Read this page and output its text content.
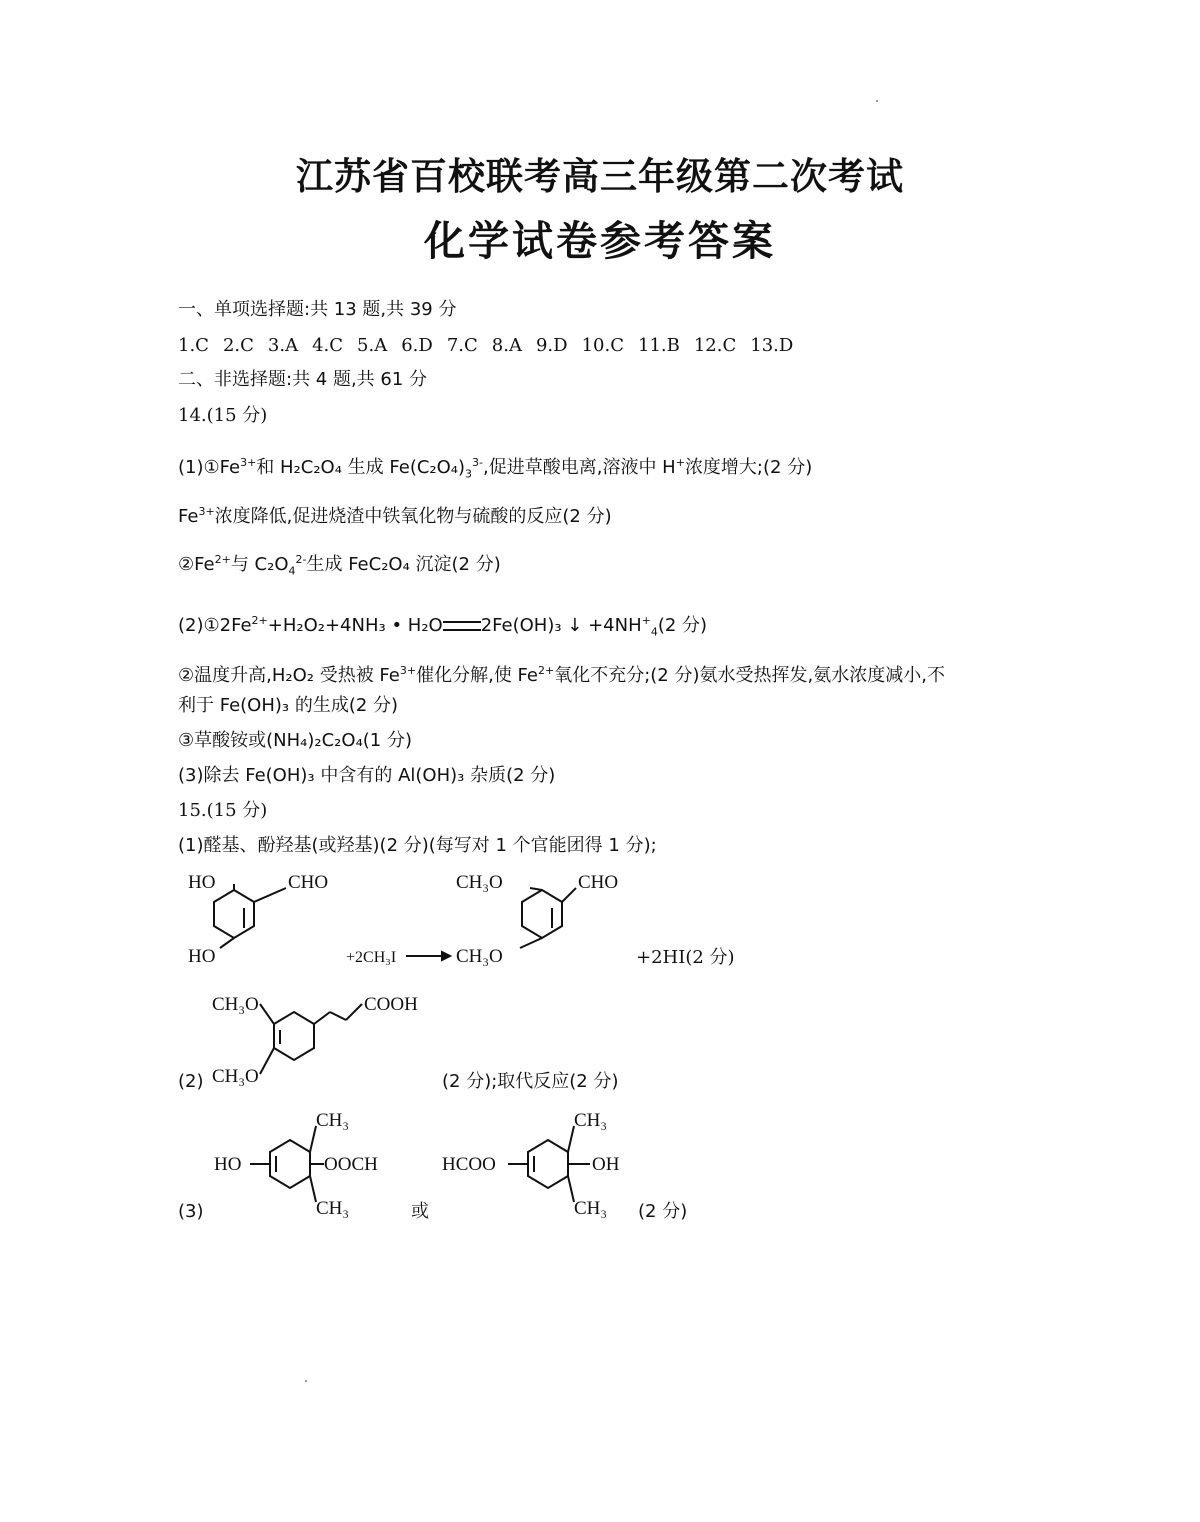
江苏省百校联考高三年级第二次考试
化学试卷参考答案
一、单项选择题:共 13 题,共 39 分
1.C 2.C 3.A 4.C 5.A 6.D 7.C 8.A 9.D 10.C 11.B 12.C 13.D
二、非选择题:共 4 题,共 61 分
14.(15 分)
$(1)①Fe^{3+}$和 H₂C₂O₄ 生成 $Fe(C_2O_4)_3^{3-}$,促进草酸电离,溶液中 H+浓度增大;(2 分)
$Fe^{3+}$浓度降低,促进烧渣中铁氧化物与硫酸的反应(2 分)
$②Fe^{2+}$与 $C_2O_4^{2-}$生成 FeC₂O₄ 沉淀(2 分)
$(2)①2Fe^{2+}+H_2O_2+4NH_3$ • H₂O 2Fe(OH)₃ ↓ $+4NH^+_4(2$ 分)
②温度升高,H₂O₂ 受热被 $Fe^{3+}$催化分解,使 $Fe^{2+}$氧化不充分;(2 分)氨水受热挥发,氨水浓度减小,不
利于 Fe(OH)₃ 的生成(2 分)
③草酸铵或(NH₄)₂C₂O₄(1 分)
(3)除去 Fe(OH)₃ 中含有的 Al(OH)₃ 杂质(2 分)
15.(15 分)
(1)醛基、酚羟基(或羟基)(2 分)(每写对 1 个官能团得 1 分);
HO	CHO
HO	+2CH₃I
CH₃O	CHO
CH₃O	+2HI(2 分)
(2)
CH₃O	COOH
CH₃O	(2 分);取代反应(2 分)
(3)
HO	OOCH
CH₃
CH₃	或
HCOO	OH
CH₃
CH₃ (2 分)
